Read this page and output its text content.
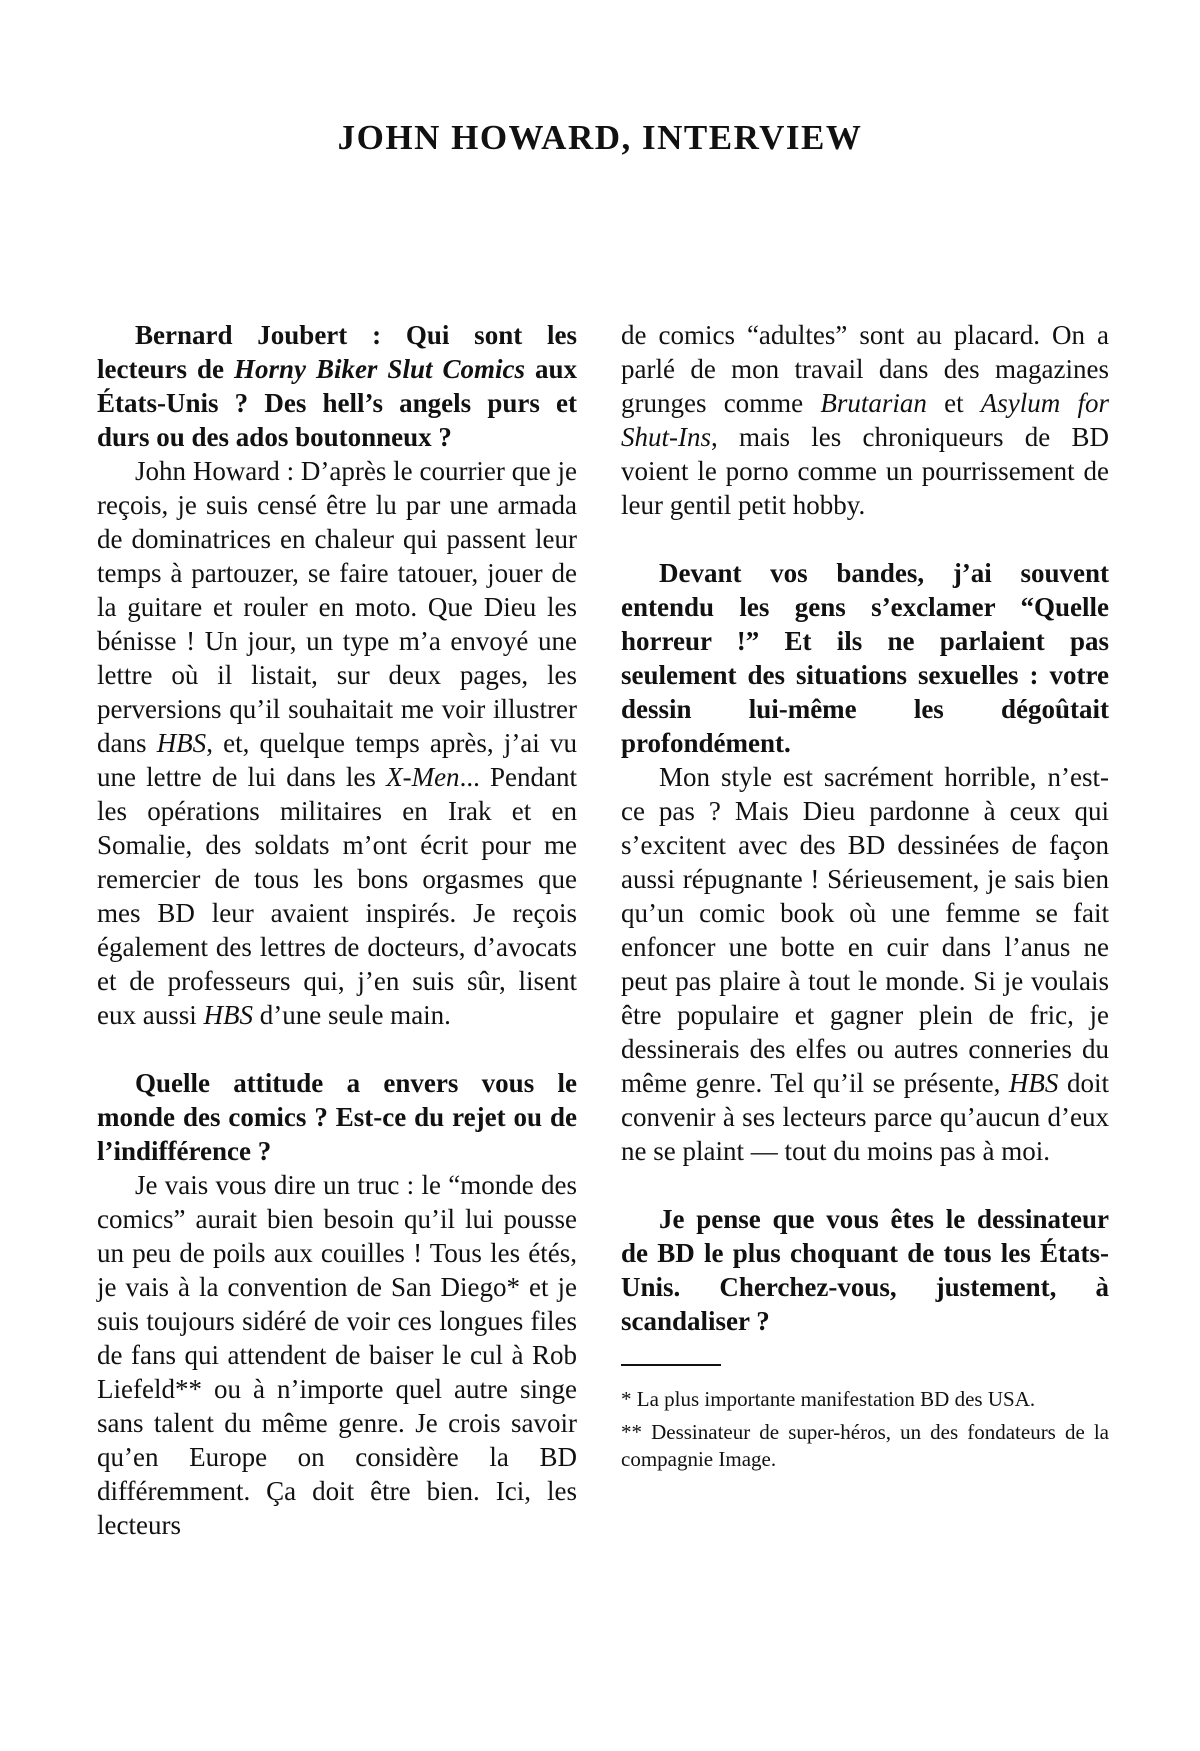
JOHN HOWARD, INTERVIEW

Bernard Joubert : Qui sont les lecteurs de Horny Biker Slut Comics aux États-Unis ? Des hell’s angels purs et durs ou des ados boutonneux ?

John Howard : D’après le courrier que je reçois, je suis censé être lu par une armada de dominatrices en chaleur qui passent leur temps à partouzer, se faire tatouer, jouer de la guitare et rouler en moto. Que Dieu les bénisse ! Un jour, un type m’a envoyé une lettre où il listait, sur deux pages, les perversions qu’il souhaitait me voir illustrer dans HBS, et, quelque temps après, j’ai vu une lettre de lui dans les X-Men... Pendant les opérations militaires en Irak et en Somalie, des soldats m’ont écrit pour me remercier de tous les bons orgasmes que mes BD leur avaient inspirés. Je reçois également des lettres de docteurs, d’avocats et de professeurs qui, j’en suis sûr, lisent eux aussi HBS d’une seule main.

Quelle attitude a envers vous le monde des comics ? Est-ce du rejet ou de l’indifférence ?

Je vais vous dire un truc : le “monde des comics” aurait bien besoin qu’il lui pousse un peu de poils aux couilles ! Tous les étés, je vais à la convention de San Diego* et je suis toujours sidéré de voir ces longues files de fans qui attendent de baiser le cul à Rob Liefeld** ou à n’importe quel autre singe sans talent du même genre. Je crois savoir qu’en Europe on considère la BD différemment. Ça doit être bien. Ici, les lecteurs

de comics “adultes” sont au placard. On a parlé de mon travail dans des magazines grunges comme Brutarian et Asylum for Shut-Ins, mais les chroniqueurs de BD voient le porno comme un pourrissement de leur gentil petit hobby.

Devant vos bandes, j’ai souvent entendu les gens s’exclamer “Quelle horreur !” Et ils ne parlaient pas seulement des situations sexuelles : votre dessin lui-même les dégoûtait profondément.

Mon style est sacrément horrible, n’est-ce pas ? Mais Dieu pardonne à ceux qui s’excitent avec des BD dessinées de façon aussi répugnante ! Sérieusement, je sais bien qu’un comic book où une femme se fait enfoncer une botte en cuir dans l’anus ne peut pas plaire à tout le monde. Si je voulais être populaire et gagner plein de fric, je dessinerais des elfes ou autres conneries du même genre. Tel qu’il se présente, HBS doit convenir à ses lecteurs parce qu’aucun d’eux ne se plaint — tout du moins pas à moi.

Je pense que vous êtes le dessinateur de BD le plus choquant de tous les États-Unis. Cherchez-vous, justement, à scandaliser ?

* La plus importante manifestation BD des USA.

** Dessinateur de super-héros, un des fondateurs de la compagnie Image.
